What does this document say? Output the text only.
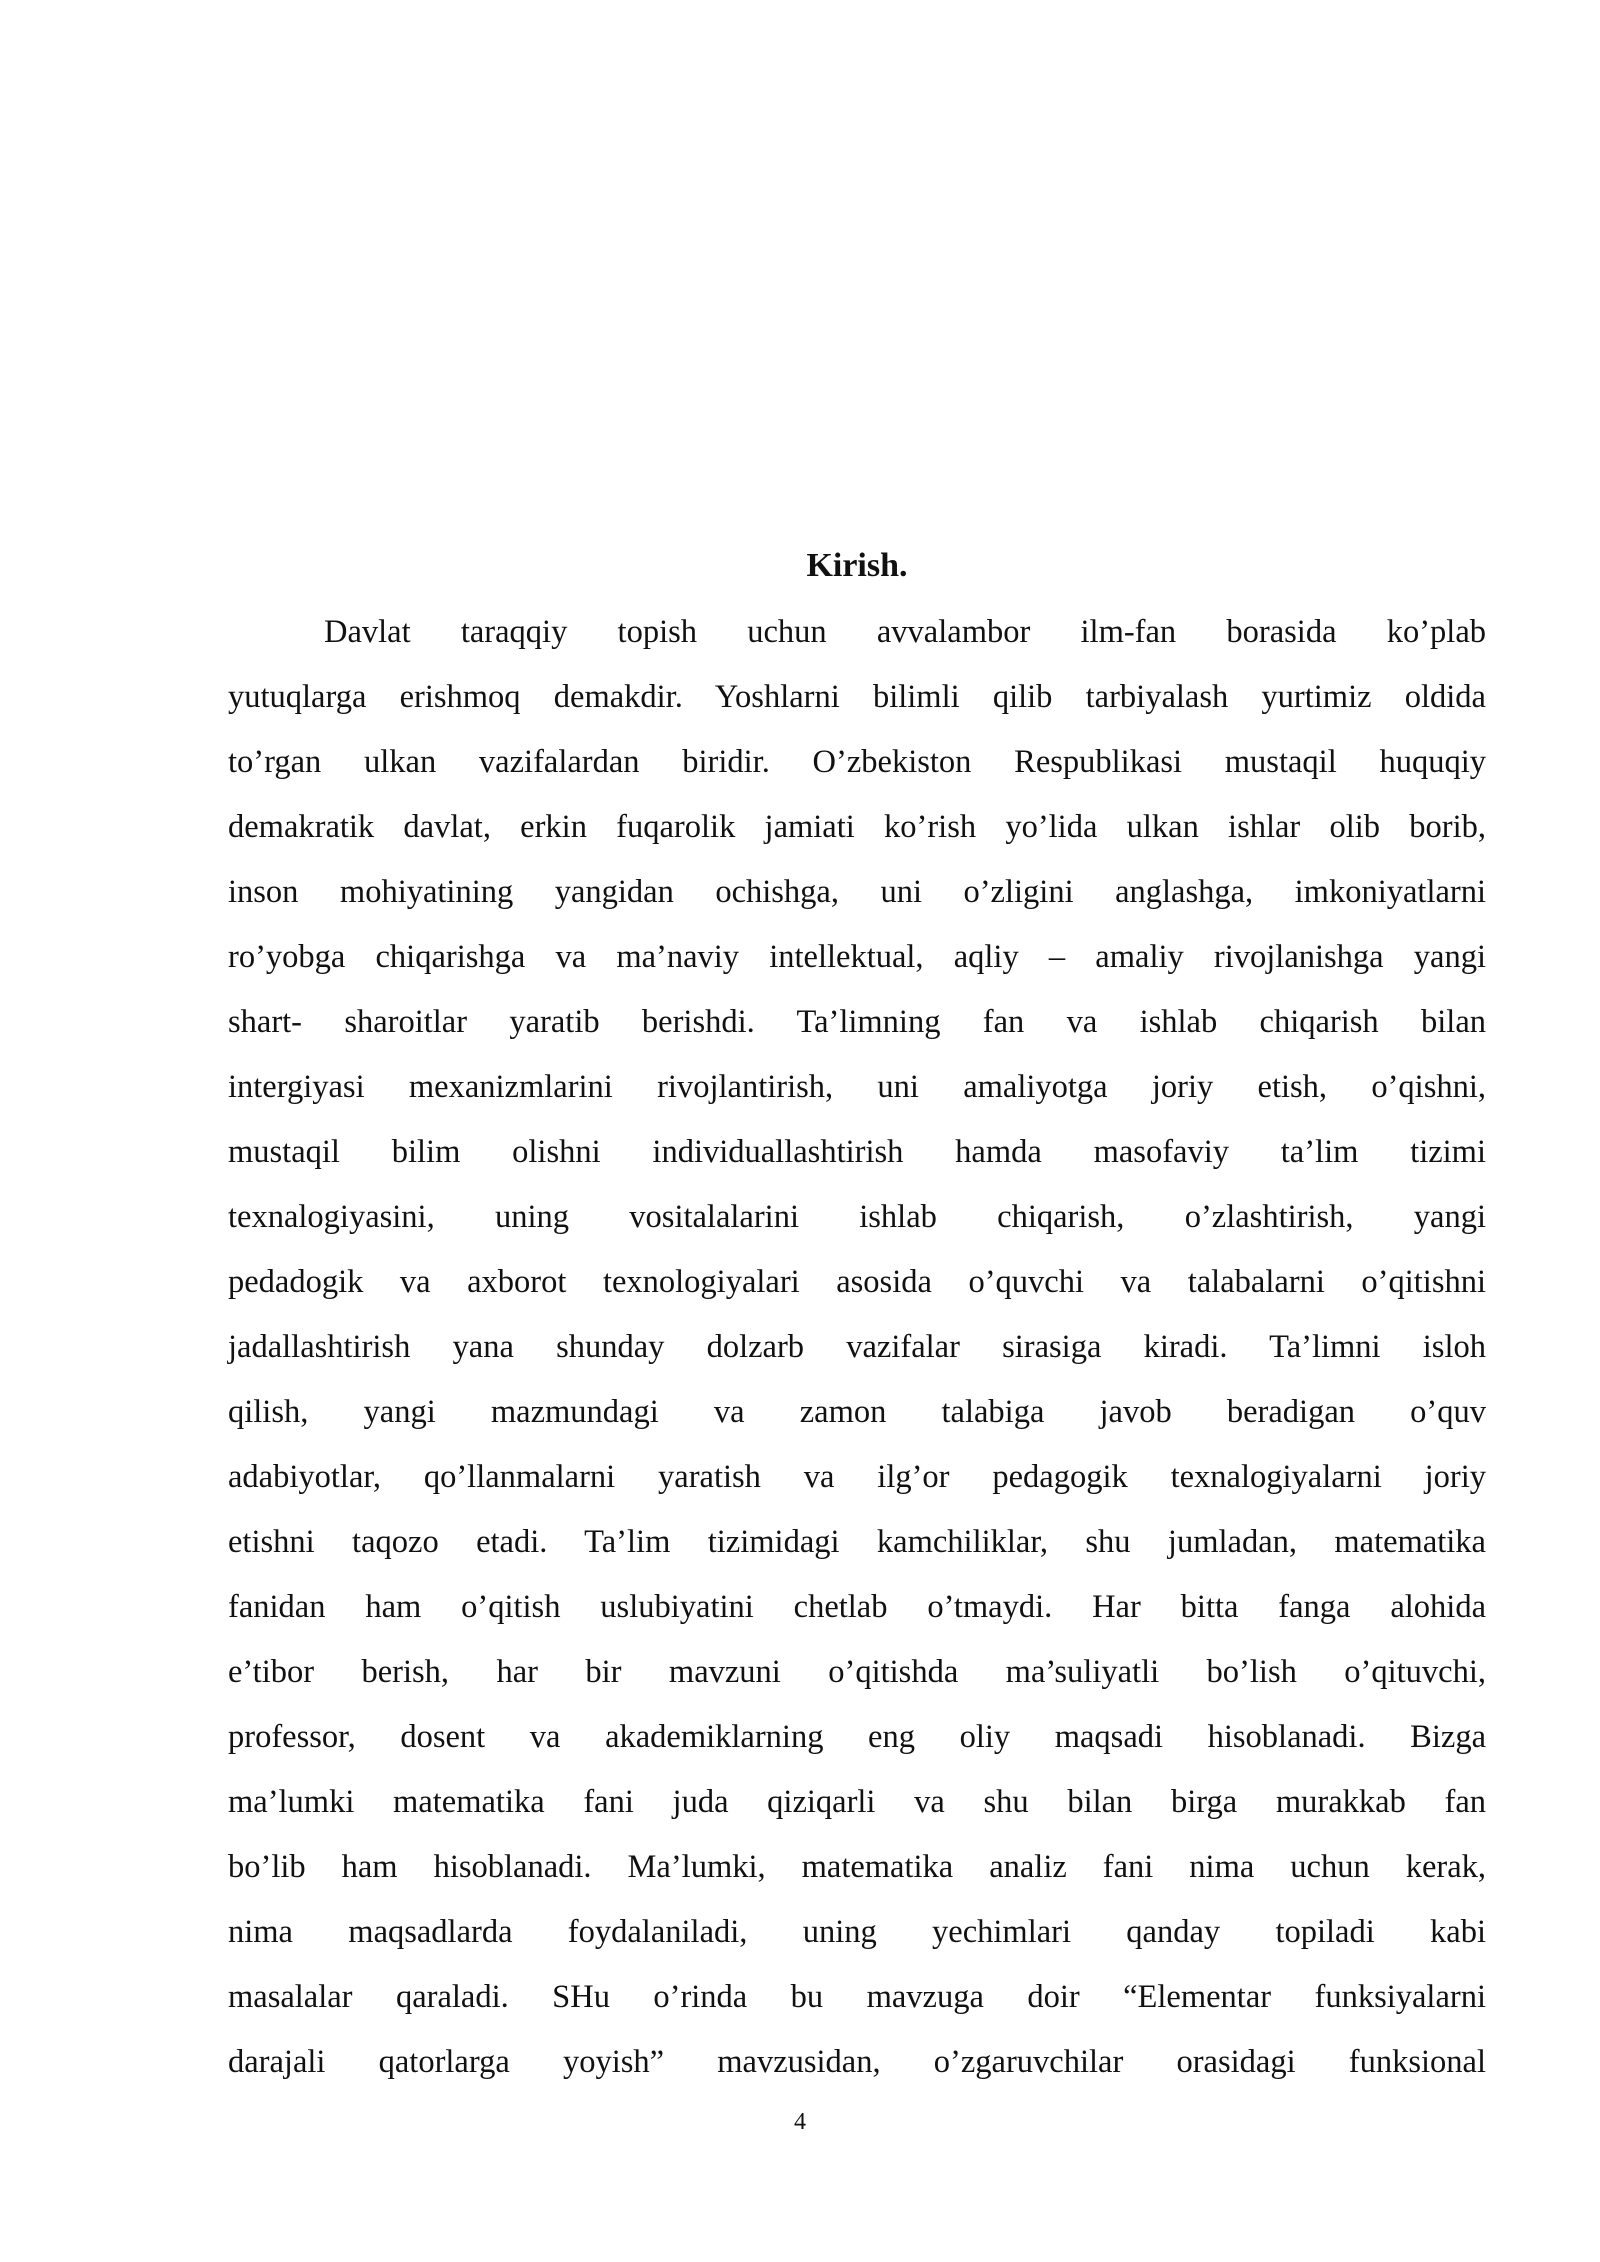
Kirish.
Davlat taraqqiy topish uchun avvalambor ilm-fan borasida ko’plab
yutuqlarga erishmoq demakdir. Yoshlarni bilimli qilib tarbiyalash yurtimiz oldida
to’rgan ulkan vazifalardan biridir. O’zbekiston Respublikasi mustaqil huquqiy
demakratik davlat, erkin fuqarolik jamiati ko’rish yo’lida ulkan ishlar olib borib,
inson mohiyatining yangidan ochishga, uni o’zligini anglashga, imkoniyatlarni
ro’yobga chiqarishga va ma’naviy intellektual, aqliy – amaliy rivojlanishga yangi
shart- sharoitlar yaratib berishdi. Ta’limning fan va ishlab chiqarish bilan
intergiyasi mexanizmlarini rivojlantirish, uni amaliyotga joriy etish, o’qishni,
mustaqil bilim olishni individuallashtirish hamda masofaviy ta’lim tizimi
texnalogiyasini, uning vositalalarini ishlab chiqarish, o’zlashtirish, yangi
pedadogik va axborot texnologiyalari asosida o’quvchi va talabalarni o’qitishni
jadallashtirish yana shunday dolzarb vazifalar sirasiga kiradi. Ta’limni isloh
qilish, yangi mazmundagi va zamon talabiga javob beradigan o’quv
adabiyotlar, qo’llanmalarni yaratish va ilg’or pedagogik texnalogiyalarni joriy
etishni taqozo etadi. Ta’lim tizimidagi kamchiliklar, shu jumladan, matematika
fanidan ham o’qitish uslubiyatini chetlab o’tmaydi. Har bitta fanga alohida
e’tibor berish, har bir mavzuni o’qitishda ma’suliyatli bo’lish o’qituvchi,
professor, dosent va akademiklarning eng oliy maqsadi hisoblanadi. Bizga
ma’lumki matematika fani juda qiziqarli va shu bilan birga murakkab fan
bo’lib ham hisoblanadi. Ma’lumki, matematika analiz fani nima uchun kerak,
nima maqsadlarda foydalaniladi, uning yechimlari qanday topiladi kabi
masalalar qaraladi. SHu o’rinda bu mavzuga doir “Elementar funksiyalarni
darajali qatorlarga yoyish” mavzusidan, o’zgaruvchilar orasidagi funksional
4
